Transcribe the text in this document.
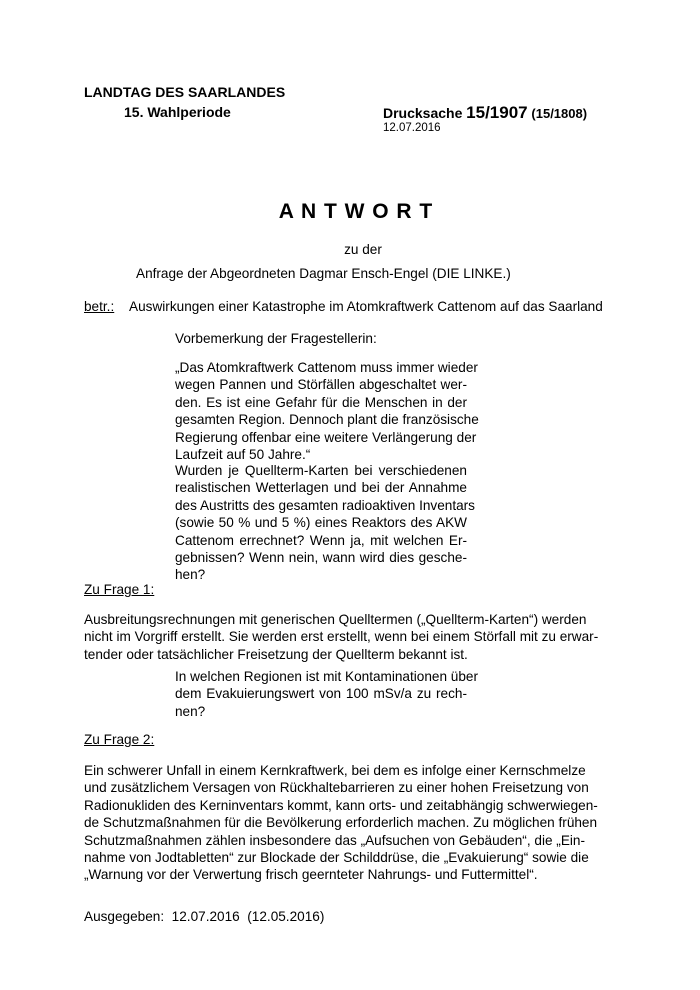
LANDTAG DES SAARLANDES
15. Wahlperiode	Drucksache 15/1907 (15/1808)
12.07.2016
A N T W O R T
zu der
Anfrage der Abgeordneten Dagmar Ensch-Engel (DIE LINKE.)
betr.: Auswirkungen einer Katastrophe im Atomkraftwerk Cattenom auf das Saarland
Vorbemerkung der Fragestellerin:
„Das Atomkraftwerk Cattenom muss immer wieder
wegen Pannen und Störfällen abgeschaltet wer-
den. Es ist eine Gefahr für die Menschen in der
gesamten Region. Dennoch plant die französische
Regierung offenbar eine weitere Verlängerung der
Laufzeit auf 50 Jahre.“
Wurden je Quellterm-Karten bei verschiedenen
realistischen Wetterlagen und bei der Annahme
des Austritts des gesamten radioaktiven Inventars
(sowie 50 % und 5 %) eines Reaktors des AKW
Cattenom errechnet? Wenn ja, mit welchen Er-
gebnissen? Wenn nein, wann wird dies gesche-
hen?
Zu Frage 1:
Ausbreitungsrechnungen mit generischen Quelltermen („Quellterm-Karten“) werden
nicht im Vorgriff erstellt. Sie werden erst erstellt, wenn bei einem Störfall mit zu erwar-
tender oder tatsächlicher Freisetzung der Quellterm bekannt ist.
In welchen Regionen ist mit Kontaminationen über
dem Evakuierungswert von 100 mSv/a zu rech-
nen?
Zu Frage 2:
Ein schwerer Unfall in einem Kernkraftwerk, bei dem es infolge einer Kernschmelze
und zusätzlichem Versagen von Rückhaltebarrieren zu einer hohen Freisetzung von
Radionukliden des Kerninventars kommt, kann orts- und zeitabhängig schwerwiegen-
de Schutzmaßnahmen für die Bevölkerung erforderlich machen. Zu möglichen frühen
Schutzmaßnahmen zählen insbesondere das „Aufsuchen von Gebäuden“, die „Ein-
nahme von Jodtabletten“ zur Blockade der Schilddrüse, die „Evakuierung“ sowie die
„Warnung vor der Verwertung frisch geernteter Nahrungs- und Futtermittel“.
Ausgegeben:  12.07.2016  (12.05.2016)
